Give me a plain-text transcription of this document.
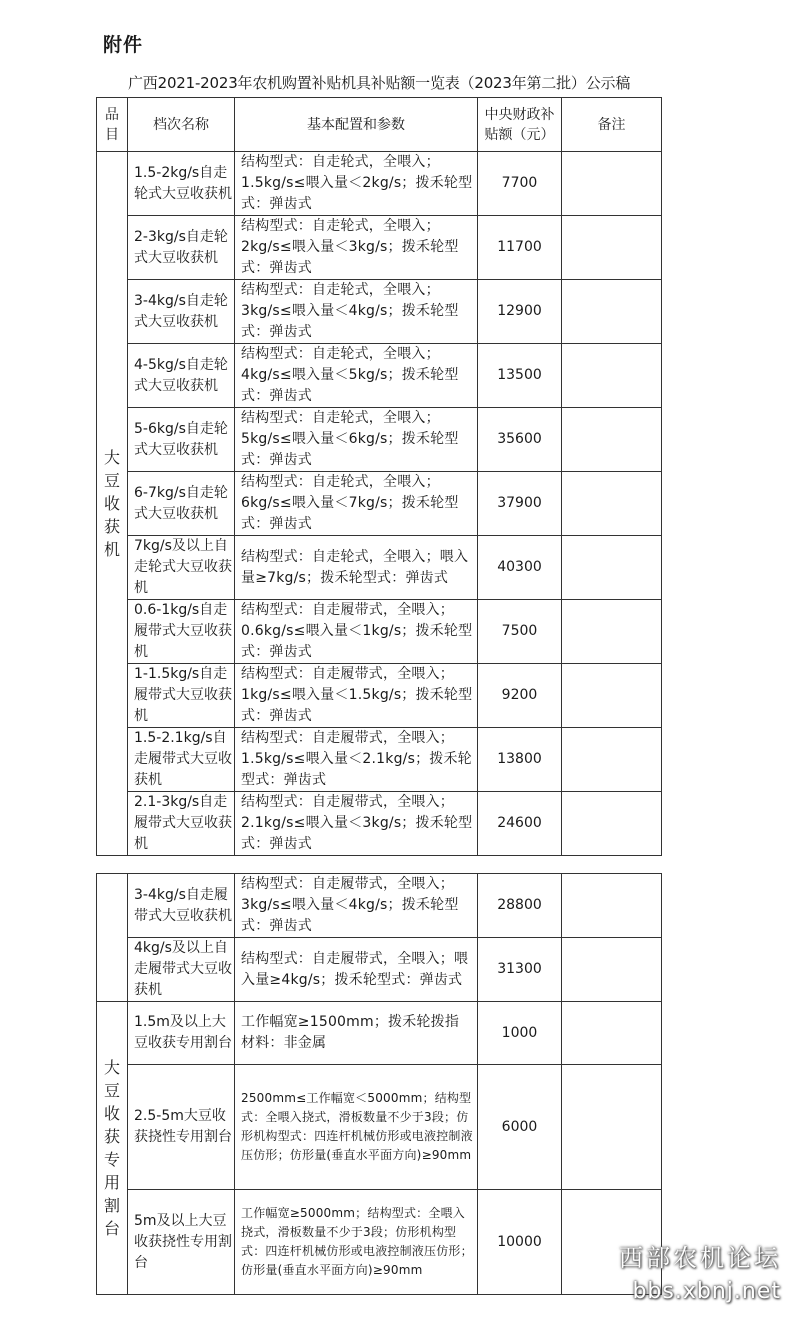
附件
广西2021-2023年农机购置补贴机具补贴额一览表（2023年第二批）公示稿
品目	档次名称	基本配置和参数	中央财政补贴额（元）	备注
大豆收获机	1.5-2kg/s自走轮式大豆收获机	结构型式：自走轮式，全喂入；1.5kg/s≤喂入量＜2kg/s；拨禾轮型式：弹齿式	7700	

	2-3kg/s自走轮式大豆收获机	结构型式：自走轮式，全喂入；2kg/s≤喂入量＜3kg/s；拨禾轮型式：弹齿式	11700	

	3-4kg/s自走轮式大豆收获机	结构型式：自走轮式，全喂入；3kg/s≤喂入量＜4kg/s；拨禾轮型式：弹齿式	12900	

	4-5kg/s自走轮式大豆收获机	结构型式：自走轮式，全喂入；4kg/s≤喂入量＜5kg/s；拨禾轮型式：弹齿式	13500	

	5-6kg/s自走轮式大豆收获机	结构型式：自走轮式，全喂入；5kg/s≤喂入量＜6kg/s；拨禾轮型式：弹齿式	35600	

	6-7kg/s自走轮式大豆收获机	结构型式：自走轮式，全喂入；6kg/s≤喂入量＜7kg/s；拨禾轮型式：弹齿式	37900	

	7kg/s及以上自走轮式大豆收获机	结构型式：自走轮式，全喂入；喂入量≥7kg/s；拨禾轮型式：弹齿式	40300	

	0.6-1kg/s自走履带式大豆收获机	结构型式：自走履带式，全喂入；0.6kg/s≤喂入量＜1kg/s；拨禾轮型式：弹齿式	7500	

	1-1.5kg/s自走履带式大豆收获机	结构型式：自走履带式，全喂入；1kg/s≤喂入量＜1.5kg/s；拨禾轮型式：弹齿式	9200	

	1.5-2.1kg/s自走履带式大豆收获机	结构型式：自走履带式，全喂入；1.5kg/s≤喂入量＜2.1kg/s；拨禾轮型式：弹齿式	13800	

	2.1-3kg/s自走履带式大豆收获机	结构型式：自走履带式，全喂入；2.1kg/s≤喂入量＜3kg/s；拨禾轮型式：弹齿式	24600	

	3-4kg/s自走履带式大豆收获机	结构型式：自走履带式，全喂入；3kg/s≤喂入量＜4kg/s；拨禾轮型式：弹齿式	28800	

	4kg/s及以上自走履带式大豆收获机	结构型式：自走履带式，全喂入；喂入量≥4kg/s；拨禾轮型式：弹齿式	31300	

大豆收获专用割台	1.5m及以上大豆收获专用割台	工作幅宽≥1500mm；拨禾轮拨指材料：非金属	1000	

	2.5-5m大豆收获挠性专用割台	2500mm≤工作幅宽＜5000mm；结构型式：全喂入挠式，滑板数量不少于3段；仿形机构型式：四连杆机械仿形或电液控制液压仿形；仿形量(垂直水平面方向)≥90mm	6000	

	5m及以上大豆收获挠性专用割台	工作幅宽≥5000mm；结构型式：全喂入挠式，滑板数量不少于3段；仿形机构型式：四连杆机械仿形或电液控制液压仿形；仿形量(垂直水平面方向)≥90mm	10000	

西部农机论坛
bbs.xbnj.net
